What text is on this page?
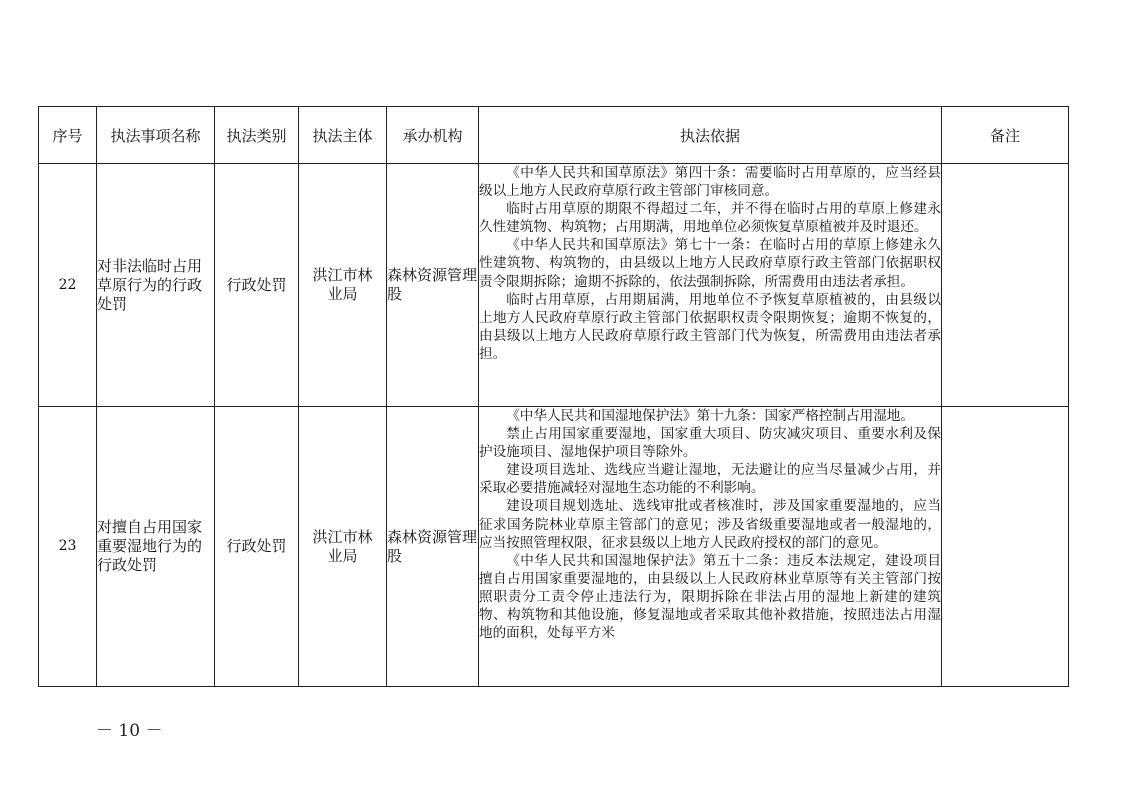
序号	执法事项名称	执法类别	执法主体	承办机构	执法依据	备注
22	对非法临时占用草原行为的行政处罚	行政处罚	洪江市林业局	森林资源管理股	《中华人民共和国草原法》第四十条：需要临时占用草原的，应当经县级以上地方人民政府草原行政主管部门审核同意。

临时占用草原的期限不得超过二年，并不得在临时占用的草原上修建永久性建筑物、构筑物；占用期满，用地单位必须恢复草原植被并及时退还。

《中华人民共和国草原法》第七十一条：在临时占用的草原上修建永久性建筑物、构筑物的，由县级以上地方人民政府草原行政主管部门依据职权责令限期拆除；逾期不拆除的，依法强制拆除，所需费用由违法者承担。

临时占用草原，占用期届满，用地单位不予恢复草原植被的，由县级以上地方人民政府草原行政主管部门依据职权责令限期恢复；逾期不恢复的，由县级以上地方人民政府草原行政主管部门代为恢复，所需费用由违法者承担。	

23	对擅自占用国家重要湿地行为的行政处罚	行政处罚	洪江市林业局	森林资源管理股	《中华人民共和国湿地保护法》第十九条：国家严格控制占用湿地。

禁止占用国家重要湿地，国家重大项目、防灾减灾项目、重要水利及保护设施项目、湿地保护项目等除外。

建设项目选址、选线应当避让湿地，无法避让的应当尽量减少占用，并采取必要措施减轻对湿地生态功能的不利影响。

建设项目规划选址、选线审批或者核准时，涉及国家重要湿地的，应当征求国务院林业草原主管部门的意见；涉及省级重要湿地或者一般湿地的，应当按照管理权限，征求县级以上地方人民政府授权的部门的意见。

《中华人民共和国湿地保护法》第五十二条：违反本法规定，建设项目擅自占用国家重要湿地的，由县级以上人民政府林业草原等有关主管部门按照职责分工责令停止违法行为，限期拆除在非法占用的湿地上新建的建筑物、构筑物和其他设施，修复湿地或者采取其他补救措施，按照违法占用湿地的面积，处每平方米	

－ 10 －
